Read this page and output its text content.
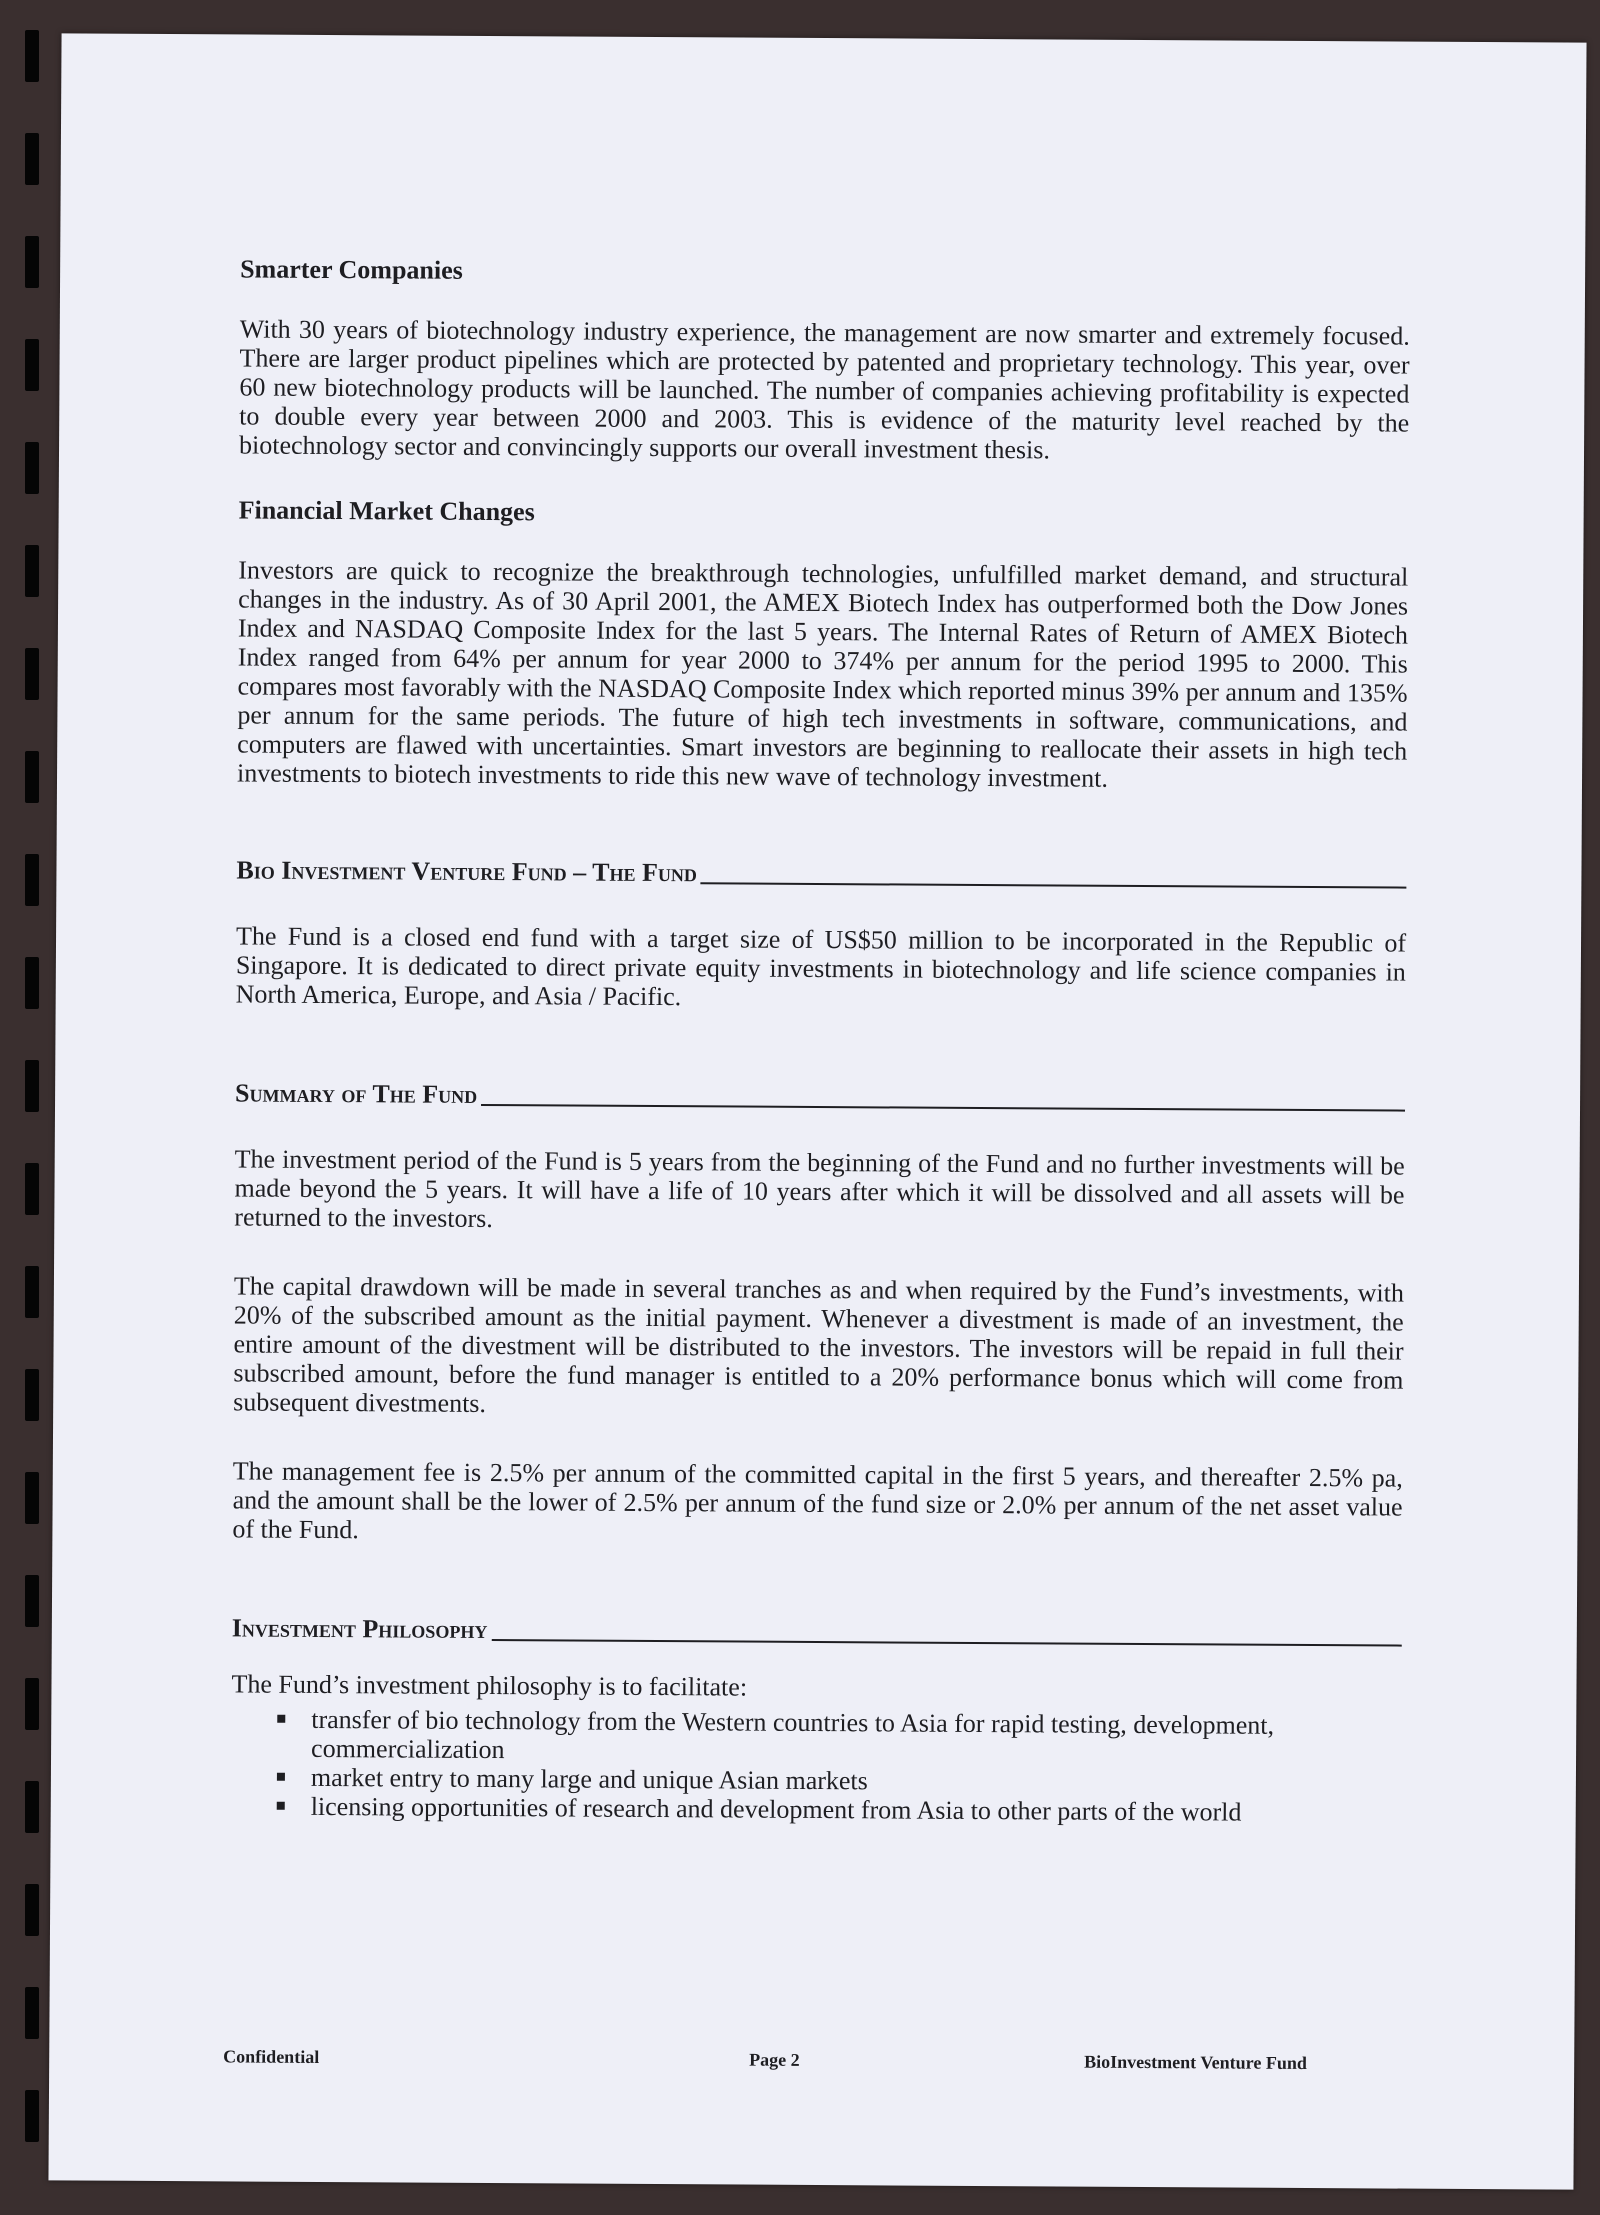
Smarter Companies

With 30 years of biotechnology industry experience, the management are now smarter and extremely focused. There are larger product pipelines which are protected by patented and proprietary technology. This year, over 60 new biotechnology products will be launched. The number of companies achieving profitability is expected to double every year between 2000 and 2003. This is evidence of the maturity level reached by the biotechnology sector and convincingly supports our overall investment thesis.

Financial Market Changes

Investors are quick to recognize the breakthrough technologies, unfulfilled market demand, and structural changes in the industry. As of 30 April 2001, the AMEX Biotech Index has outperformed both the Dow Jones Index and NASDAQ Composite Index for the last 5 years. The Internal Rates of Return of AMEX Biotech Index ranged from 64% per annum for year 2000 to 374% per annum for the period 1995 to 2000. This compares most favorably with the NASDAQ Composite Index which reported minus 39% per annum and 135% per annum for the same periods. The future of high tech investments in software, communications, and computers are flawed with uncertainties. Smart investors are beginning to reallocate their assets in high tech investments to biotech investments to ride this new wave of technology investment.

Bio Investment Venture Fund – The Fund

The Fund is a closed end fund with a target size of US$50 million to be incorporated in the Republic of Singapore. It is dedicated to direct private equity investments in biotechnology and life science companies in North America, Europe, and Asia / Pacific.

Summary of The Fund

The investment period of the Fund is 5 years from the beginning of the Fund and no further investments will be made beyond the 5 years. It will have a life of 10 years after which it will be dissolved and all assets will be returned to the investors.

The capital drawdown will be made in several tranches as and when required by the Fund’s investments, with 20% of the subscribed amount as the initial payment. Whenever a divestment is made of an investment, the entire amount of the divestment will be distributed to the investors. The investors will be repaid in full their subscribed amount, before the fund manager is entitled to a 20% performance bonus which will come from subsequent divestments.

The management fee is 2.5% per annum of the committed capital in the first 5 years, and thereafter 2.5% pa, and the amount shall be the lower of 2.5% per annum of the fund size or 2.0% per annum of the net asset value of the Fund.

Investment Philosophy

The Fund’s investment philosophy is to facilitate:

transfer of bio technology from the Western countries to Asia for rapid testing, development, commercialization
market entry to many large and unique Asian markets
licensing opportunities of research and development from Asia to other parts of the world
Confidential	Page 2	BioInvestment Venture Fund
